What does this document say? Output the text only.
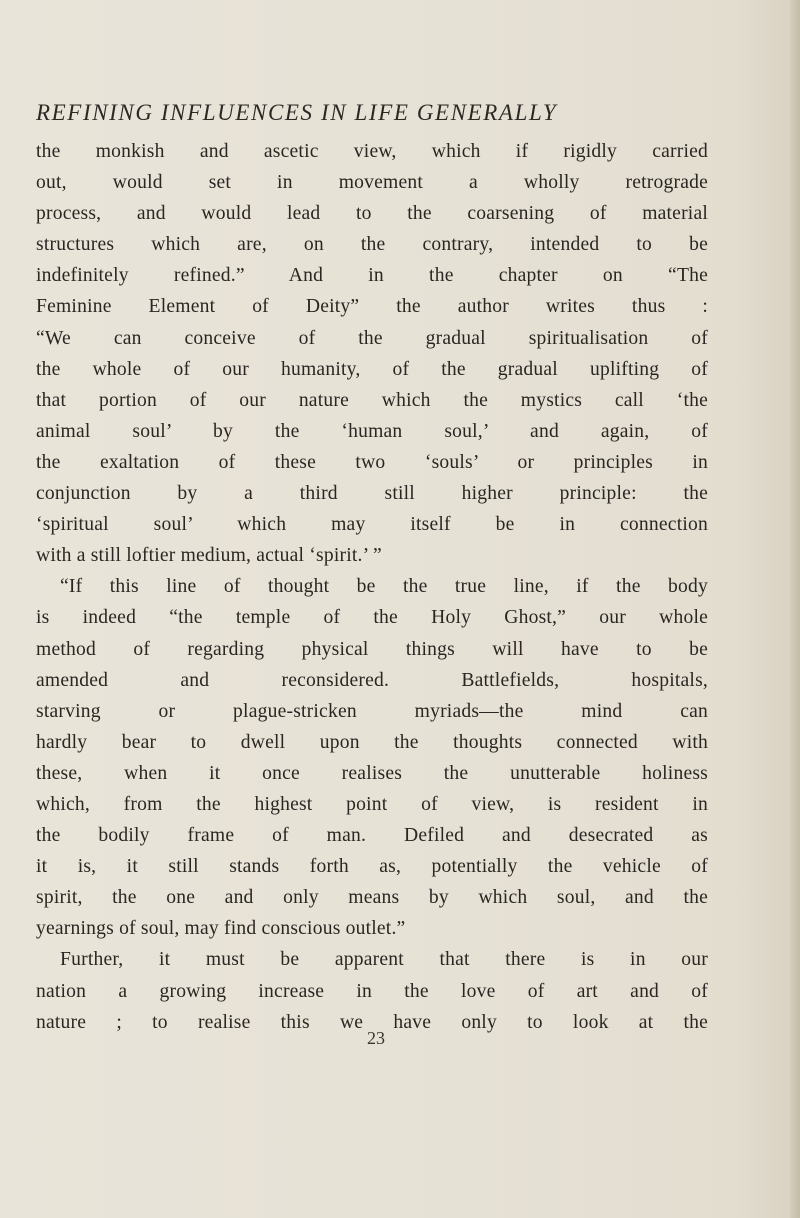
REFINING INFLUENCES IN LIFE GENERALLY
the monkish and ascetic view, which if rigidly carried
out, would set in movement a wholly retrograde
process, and would lead to the coarsening of material
structures which are, on the contrary, intended to be
indefinitely refined.” And in the chapter on “The
Feminine Element of Deity” the author writes thus :
“We can conceive of the gradual spiritualisation of
the whole of our humanity, of the gradual uplifting of
that portion of our nature which the mystics call ‘the
animal soul’ by the ‘human soul,’ and again, of
the exaltation of these two ‘souls’ or principles in
conjunction by a third still higher principle: the
‘spiritual soul’ which may itself be in connection
with a still loftier medium, actual ‘spirit.’ ”
“If this line of thought be the true line, if the body
is indeed “the temple of the Holy Ghost,” our whole
method of regarding physical things will have to be
amended and reconsidered. Battlefields, hospitals,
starving or plague-stricken myriads—the mind can
hardly bear to dwell upon the thoughts connected with
these, when it once realises the unutterable holiness
which, from the highest point of view, is resident in
the bodily frame of man. Defiled and desecrated as
it is, it still stands forth as, potentially the vehicle of
spirit, the one and only means by which soul, and the
yearnings of soul, may find conscious outlet.”
Further, it must be apparent that there is in our
nation a growing increase in the love of art and of
nature ; to realise this we have only to look at the
23
